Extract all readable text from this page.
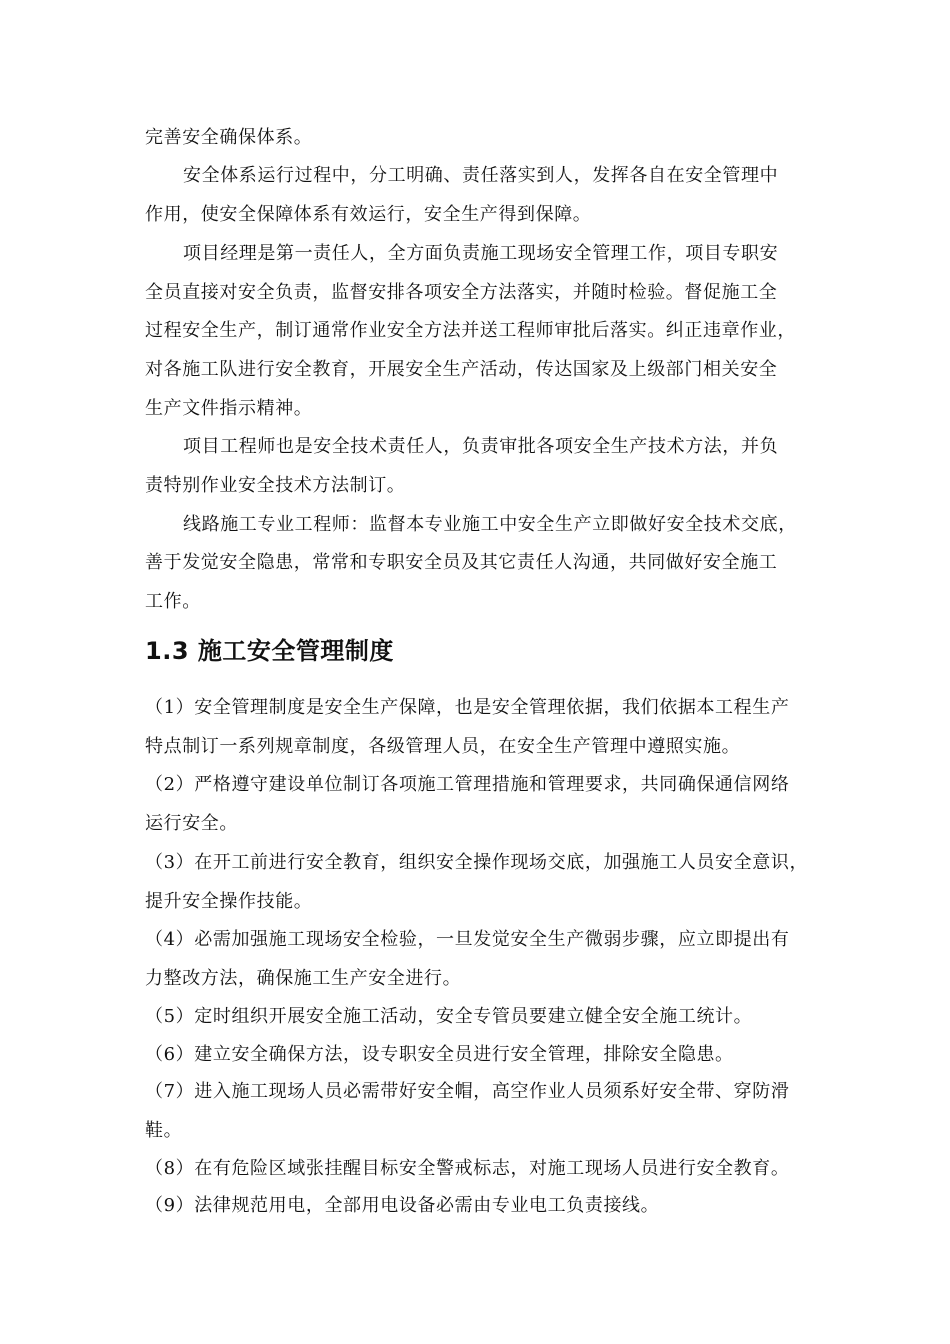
完善安全确保体系。
安全体系运行过程中，分工明确、责任落实到人，发挥各自在安全管理中
作用，使安全保障体系有效运行，安全生产得到保障。
项目经理是第一责任人，全方面负责施工现场安全管理工作，项目专职安
全员直接对安全负责，监督安排各项安全方法落实，并随时检验。督促施工全
过程安全生产，制订通常作业安全方法并送工程师审批后落实。纠正违章作业，
对各施工队进行安全教育，开展安全生产活动，传达国家及上级部门相关安全
生产文件指示精神。
项目工程师也是安全技术责任人，负责审批各项安全生产技术方法，并负
责特别作业安全技术方法制订。
线路施工专业工程师：监督本专业施工中安全生产立即做好安全技术交底，
善于发觉安全隐患，常常和专职安全员及其它责任人沟通，共同做好安全施工
工作。
1.3 施工安全管理制度
（1）安全管理制度是安全生产保障，也是安全管理依据，我们依据本工程生产
特点制订一系列规章制度，各级管理人员，在安全生产管理中遵照实施。
（2）严格遵守建设单位制订各项施工管理措施和管理要求，共同确保通信网络
运行安全。
（3）在开工前进行安全教育，组织安全操作现场交底，加强施工人员安全意识，
提升安全操作技能。
（4）必需加强施工现场安全检验，一旦发觉安全生产微弱步骤，应立即提出有
力整改方法，确保施工生产安全进行。
（5）定时组织开展安全施工活动，安全专管员要建立健全安全施工统计。
（6）建立安全确保方法，设专职安全员进行安全管理，排除安全隐患。
（7）进入施工现场人员必需带好安全帽，高空作业人员须系好安全带、穿防滑
鞋。
（8）在有危险区域张挂醒目标安全警戒标志，对施工现场人员进行安全教育。
（9）法律规范用电，全部用电设备必需由专业电工负责接线。
